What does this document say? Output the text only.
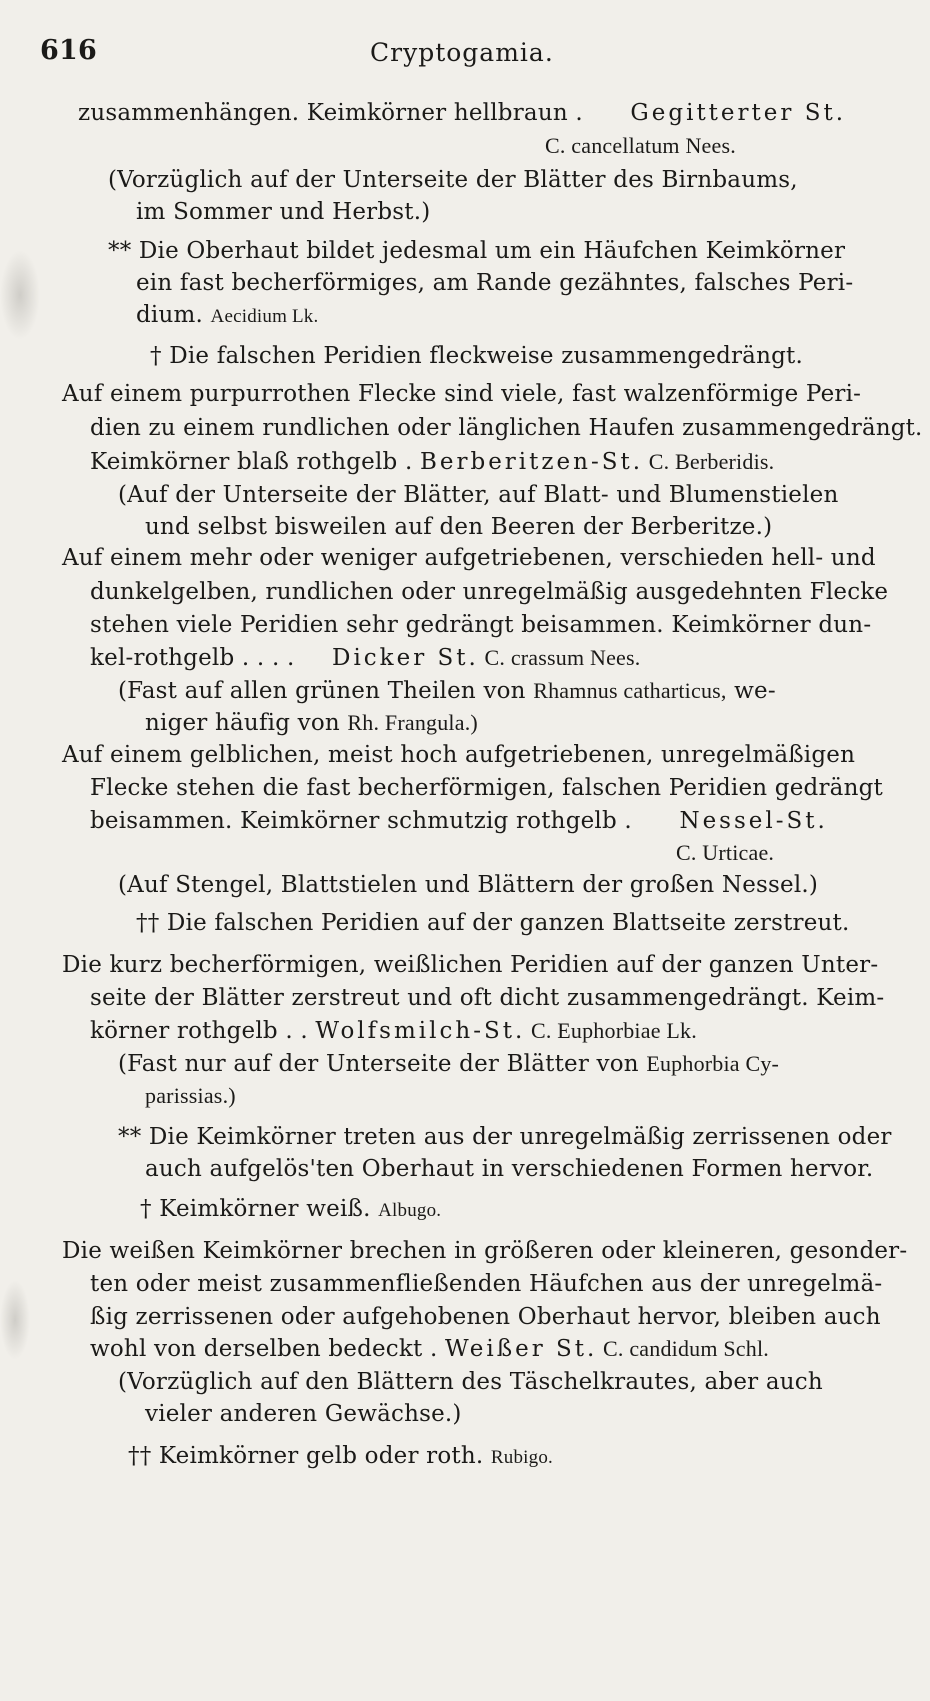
616	Cryptogamia.
zusammenhängen. Keimkörner hellbraun . Gegitterter St.
C. cancellatum Nees.
(Vorzüglich auf der Unterseite der Blätter des Birnbaums,
im Sommer und Herbst.)
** Die Oberhaut bildet jedesmal um ein Häufchen Keimkörner
ein fast becherförmiges, am Rande gezähntes, falsches Peri-
dium. Aecidium Lk.
† Die falschen Peridien fleckweise zusammengedrängt.
Auf einem purpurrothen Flecke sind viele, fast walzenförmige Peri-
dien zu einem rundlichen oder länglichen Haufen zusammengedrängt.
Keimkörner blaß rothgelb . Berberitzen-St. C. Berberidis.
(Auf der Unterseite der Blätter, auf Blatt- und Blumenstielen
und selbst bisweilen auf den Beeren der Berberitze.)
Auf einem mehr oder weniger aufgetriebenen, verschieden hell- und
dunkelgelben, rundlichen oder unregelmäßig ausgedehnten Flecke
stehen viele Peridien sehr gedrängt beisammen. Keimkörner dun-
kel-rothgelb . . . . Dicker St. C. crassum Nees.
(Fast auf allen grünen Theilen von Rhamnus catharticus, we-
niger häufig von Rh. Frangula.)
Auf einem gelblichen, meist hoch aufgetriebenen, unregelmäßigen
Flecke stehen die fast becherförmigen, falschen Peridien gedrängt
beisammen. Keimkörner schmutzig rothgelb . Nessel-St.
C. Urticae.
(Auf Stengel, Blattstielen und Blättern der großen Nessel.)
†† Die falschen Peridien auf der ganzen Blattseite zerstreut.
Die kurz becherförmigen, weißlichen Peridien auf der ganzen Unter-
seite der Blätter zerstreut und oft dicht zusammengedrängt. Keim-
körner rothgelb . . Wolfsmilch-St. C. Euphorbiae Lk.
(Fast nur auf der Unterseite der Blätter von Euphorbia Cy-
parissias.)
** Die Keimkörner treten aus der unregelmäßig zerrissenen oder
auch aufgelös'ten Oberhaut in verschiedenen Formen hervor.
† Keimkörner weiß. Albugo.
Die weißen Keimkörner brechen in größeren oder kleineren, gesonder-
ten oder meist zusammenfließenden Häufchen aus der unregelmä-
ßig zerrissenen oder aufgehobenen Oberhaut hervor, bleiben auch
wohl von derselben bedeckt . Weißer St. C. candidum Schl.
(Vorzüglich auf den Blättern des Täschelkrautes, aber auch
vieler anderen Gewächse.)
†† Keimkörner gelb oder roth. Rubigo.
